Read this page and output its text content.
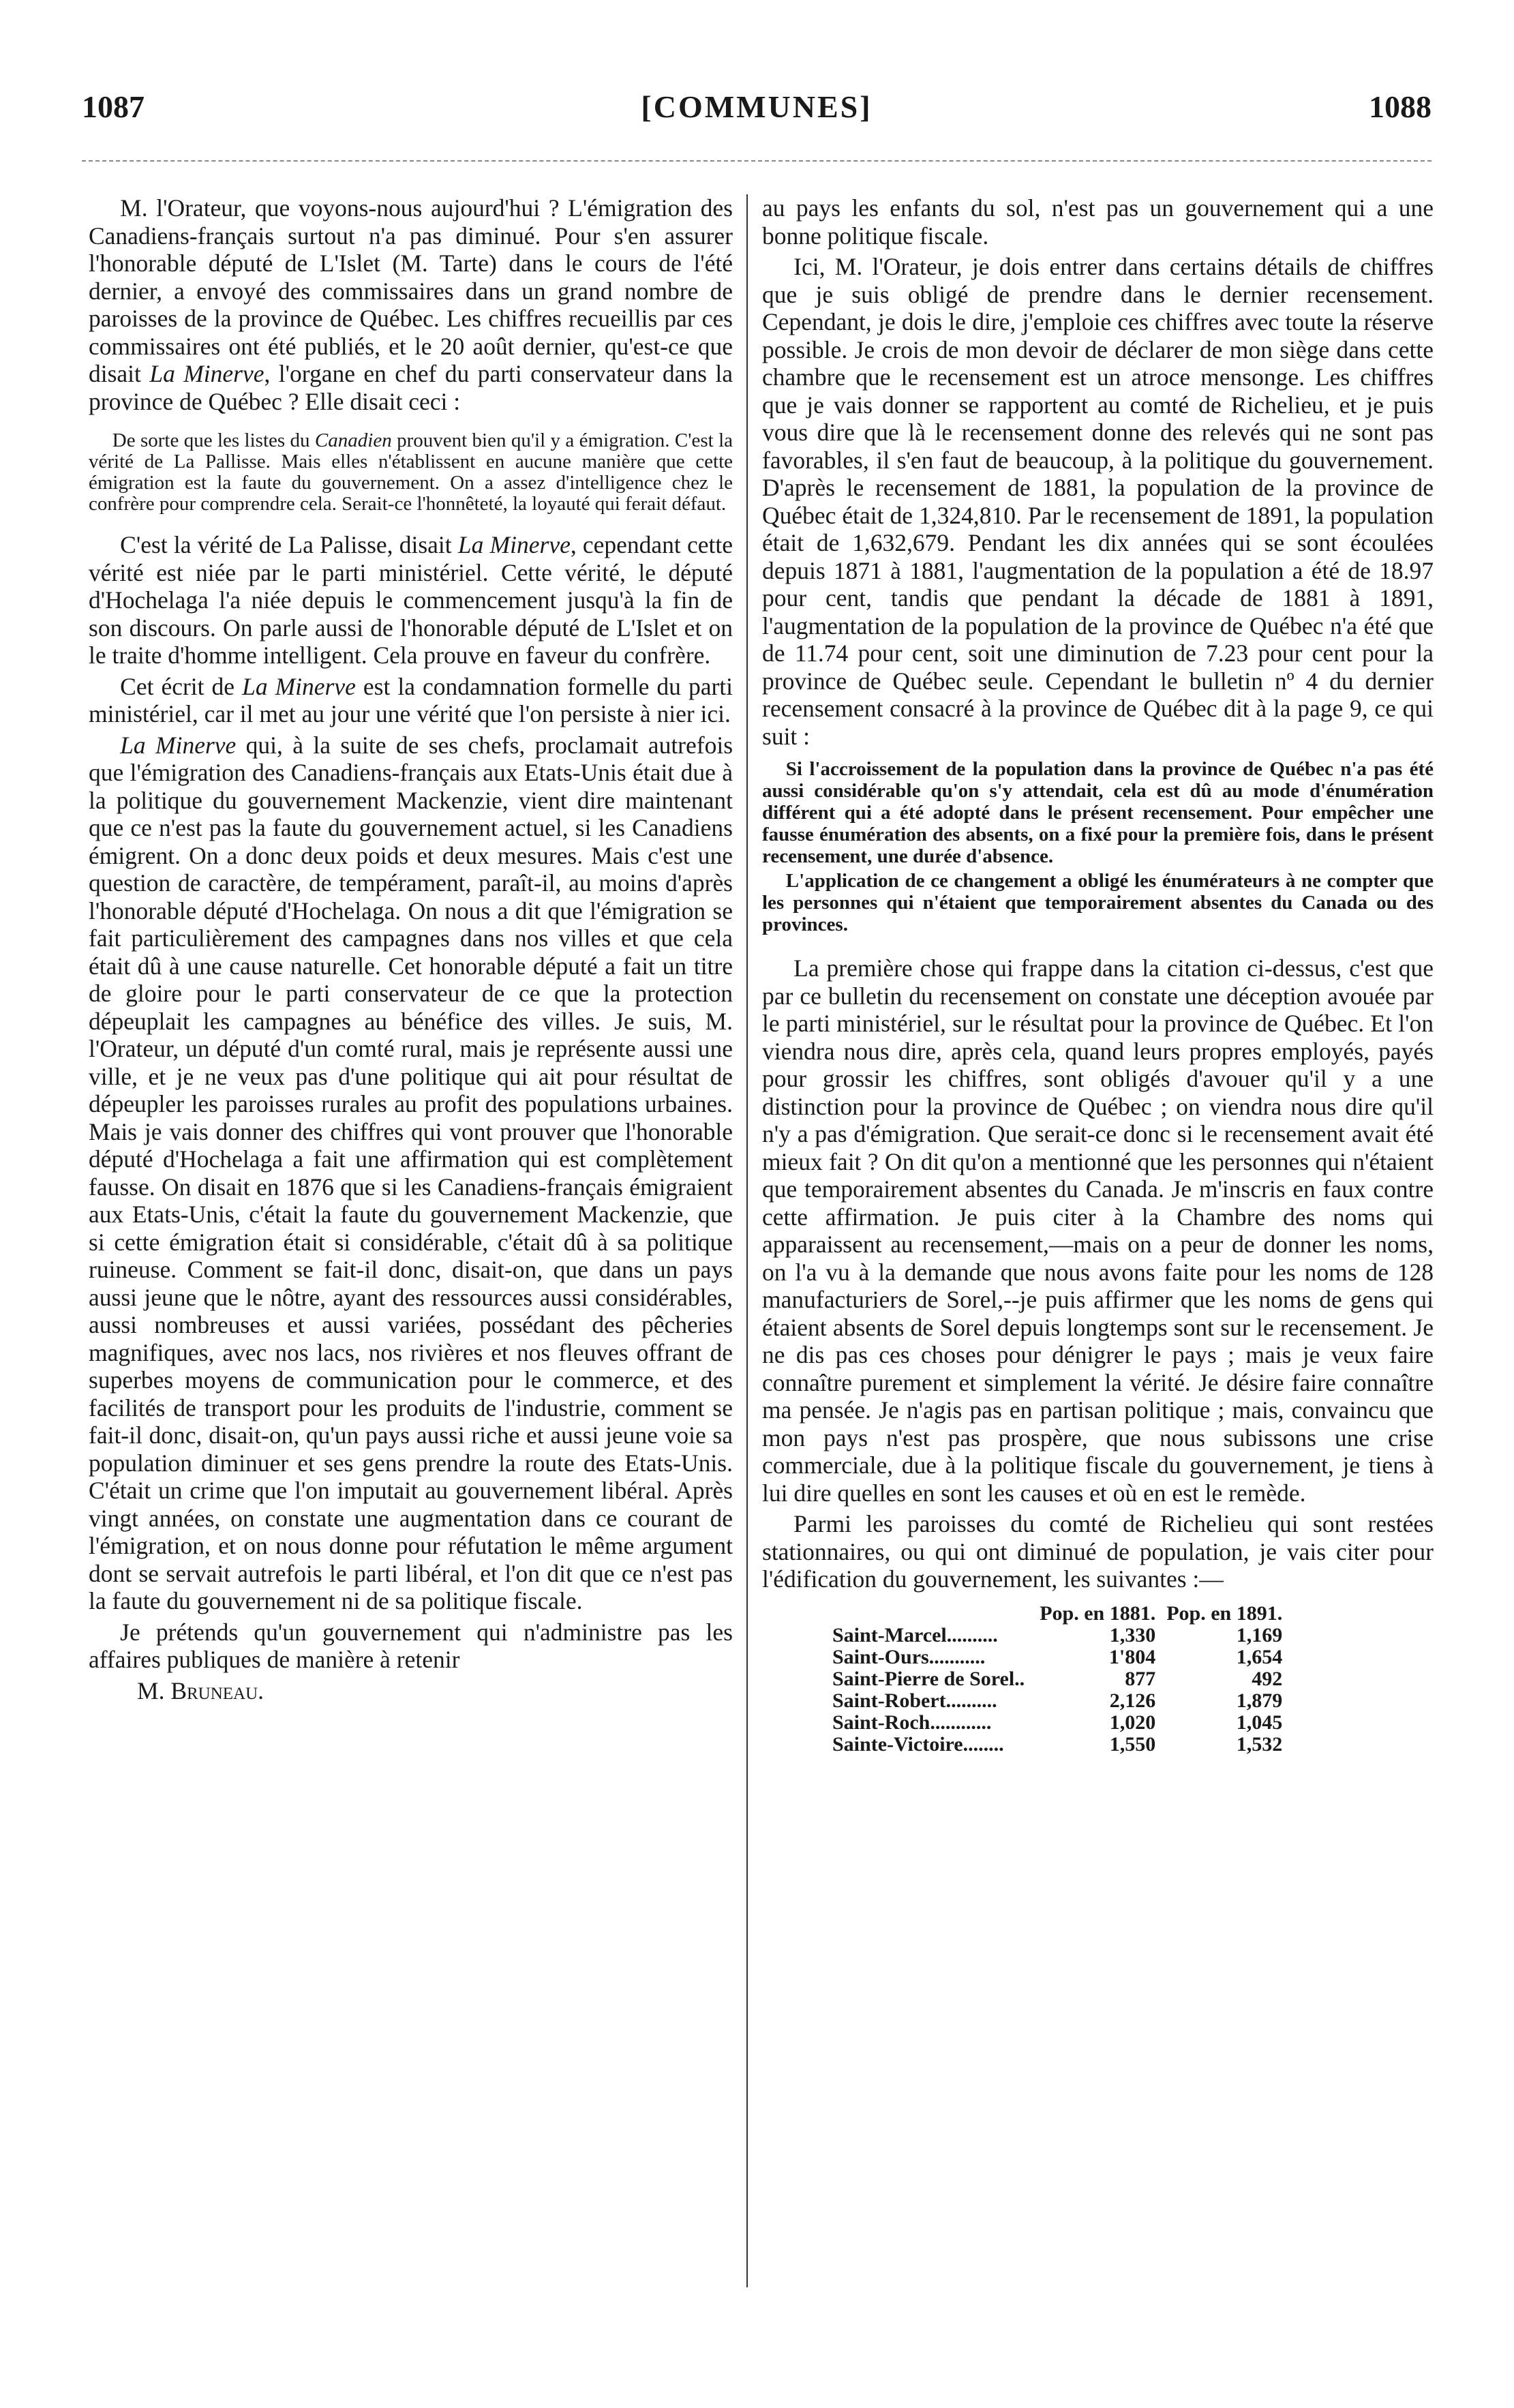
1087	[COMMUNES]	1088

M. l'Orateur, que voyons-nous aujourd'hui ? L'émigration des Canadiens-français surtout n'a pas diminué. Pour s'en assurer l'honorable député de L'Islet (M. Tarte) dans le cours de l'été dernier, a envoyé des commissaires dans un grand nombre de paroisses de la province de Québec. Les chiffres recueillis par ces commissaires ont été publiés, et le 20 août dernier, qu'est-ce que disait La Minerve, l'organe en chef du parti conservateur dans la province de Québec ? Elle disait ceci :

De sorte que les listes du Canadien prouvent bien qu'il y a émigration. C'est la vérité de La Pallisse. Mais elles n'établissent en aucune manière que cette émigration est la faute du gouvernement. On a assez d'intelligence chez le confrère pour comprendre cela. Serait-ce l'honnêteté, la loyauté qui ferait défaut.

C'est la vérité de La Palisse, disait La Minerve, cependant cette vérité est niée par le parti ministériel. Cette vérité, le député d'Hochelaga l'a niée depuis le commencement jusqu'à la fin de son discours. On parle aussi de l'honorable député de L'Islet et on le traite d'homme intelligent. Cela prouve en faveur du confrère.

Cet écrit de La Minerve est la condamnation formelle du parti ministériel, car il met au jour une vérité que l'on persiste à nier ici.

La Minerve qui, à la suite de ses chefs, proclamait autrefois que l'émigration des Canadiens-français aux Etats-Unis était due à la politique du gouvernement Mackenzie, vient dire maintenant que ce n'est pas la faute du gouvernement actuel, si les Canadiens émigrent. On a donc deux poids et deux mesures. Mais c'est une question de caractère, de tempérament, paraît-il, au moins d'après l'honorable député d'Hochelaga. On nous a dit que l'émigration se fait particulièrement des campagnes dans nos villes et que cela était dû à une cause naturelle. Cet honorable député a fait un titre de gloire pour le parti conservateur de ce que la protection dépeuplait les campagnes au bénéfice des villes. Je suis, M. l'Orateur, un député d'un comté rural, mais je représente aussi une ville, et je ne veux pas d'une politique qui ait pour résultat de dépeupler les paroisses rurales au profit des populations urbaines. Mais je vais donner des chiffres qui vont prouver que l'honorable député d'Hochelaga a fait une affirmation qui est complètement fausse. On disait en 1876 que si les Canadiens-français émigraient aux Etats-Unis, c'était la faute du gouvernement Mackenzie, que si cette émigration était si considérable, c'était dû à sa politique ruineuse. Comment se fait-il donc, disait-on, que dans un pays aussi jeune que le nôtre, ayant des ressources aussi considérables, aussi nombreuses et aussi variées, possédant des pêcheries magnifiques, avec nos lacs, nos rivières et nos fleuves offrant de superbes moyens de communication pour le commerce, et des facilités de transport pour les produits de l'industrie, comment se fait-il donc, disait-on, qu'un pays aussi riche et aussi jeune voie sa population diminuer et ses gens prendre la route des Etats-Unis. C'était un crime que l'on imputait au gouvernement libéral. Après vingt années, on constate une augmentation dans ce courant de l'émigration, et on nous donne pour réfutation le même argument dont se servait autrefois le parti libéral, et l'on dit que ce n'est pas la faute du gouvernement ni de sa politique fiscale.

Je prétends qu'un gouvernement qui n'administre pas les affaires publiques de manière à retenir

M. Bruneau.

au pays les enfants du sol, n'est pas un gouvernement qui a une bonne politique fiscale.

Ici, M. l'Orateur, je dois entrer dans certains détails de chiffres que je suis obligé de prendre dans le dernier recensement. Cependant, je dois le dire, j'emploie ces chiffres avec toute la réserve possible. Je crois de mon devoir de déclarer de mon siège dans cette chambre que le recensement est un atroce mensonge. Les chiffres que je vais donner se rapportent au comté de Richelieu, et je puis vous dire que là le recensement donne des relevés qui ne sont pas favorables, il s'en faut de beaucoup, à la politique du gouvernement. D'après le recensement de 1881, la population de la province de Québec était de 1,324,810. Par le recensement de 1891, la population était de 1,632,679. Pendant les dix années qui se sont écoulées depuis 1871 à 1881, l'augmentation de la population a été de 18.97 pour cent, tandis que pendant la décade de 1881 à 1891, l'augmentation de la population de la province de Québec n'a été que de 11.74 pour cent, soit une diminution de 7.23 pour cent pour la province de Québec seule. Cependant le bulletin nº 4 du dernier recensement consacré à la province de Québec dit à la page 9, ce qui suit :

Si l'accroissement de la population dans la province de Québec n'a pas été aussi considérable qu'on s'y attendait, cela est dû au mode d'énumération différent qui a été adopté dans le présent recensement. Pour empêcher une fausse énumération des absents, on a fixé pour la première fois, dans le présent recensement, une durée d'absence.
L'application de ce changement a obligé les énumérateurs à ne compter que les personnes qui n'étaient que temporairement absentes du Canada ou des provinces.

La première chose qui frappe dans la citation ci-dessus, c'est que par ce bulletin du recensement on constate une déception avouée par le parti ministériel, sur le résultat pour la province de Québec. Et l'on viendra nous dire, après cela, quand leurs propres employés, payés pour grossir les chiffres, sont obligés d'avouer qu'il y a une distinction pour la province de Québec ; on viendra nous dire qu'il n'y a pas d'émigration. Que serait-ce donc si le recensement avait été mieux fait ? On dit qu'on a mentionné que les personnes qui n'étaient que temporairement absentes du Canada. Je m'inscris en faux contre cette affirmation. Je puis citer à la Chambre des noms qui apparaissent au recensement,—mais on a peur de donner les noms, on l'a vu à la demande que nous avons faite pour les noms de 128 manufacturiers de Sorel,--je puis affirmer que les noms de gens qui étaient absents de Sorel depuis longtemps sont sur le recensement. Je ne dis pas ces choses pour dénigrer le pays ; mais je veux faire connaître purement et simplement la vérité. Je désire faire connaître ma pensée. Je n'agis pas en partisan politique ; mais, convaincu que mon pays n'est pas prospère, que nous subissons une crise commerciale, due à la politique fiscale du gouvernement, je tiens à lui dire quelles en sont les causes et où en est le remède.

Parmi les paroisses du comté de Richelieu qui sont restées stationnaires, ou qui ont diminué de population, je vais citer pour l'édification du gouvernement, les suivantes :—

	Pop. en 1881.	Pop. en 1891.
Saint-Marcel..........	1,330	1,169
Saint-Ours...........	1'804	1,654
Saint-Pierre de Sorel..	877	492
Saint-Robert..........	2,126	1,879
Saint-Roch............	1,020	1,045
Sainte-Victoire........	1,550	1,532
